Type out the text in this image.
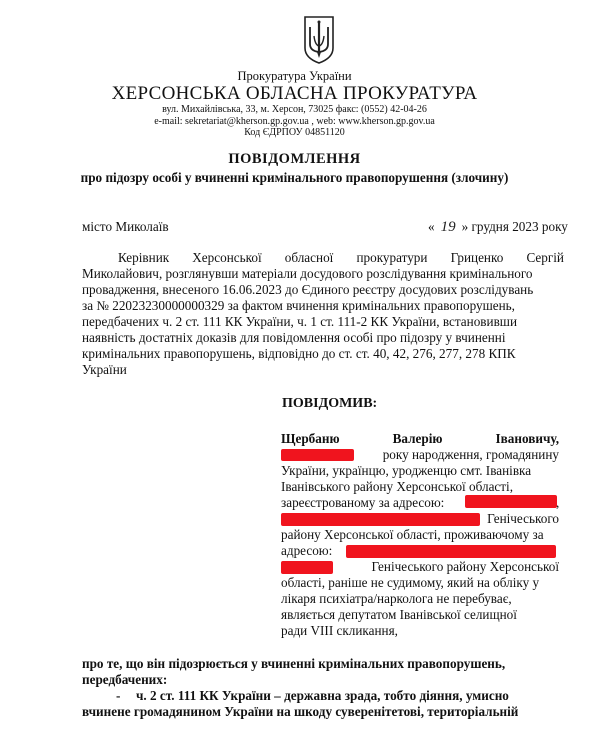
Прокуратура України
ХЕРСОНСЬКА ОБЛАСНА ПРОКУРАТУРА
вул. Михайлівська, 33, м. Херсон, 73025 факс: (0552) 42-04-26
e-mail: sekretariat@kherson.gp.gov.ua , web: www.kherson.gp.gov.ua
Код ЄДРПОУ 04851120
ПОВІДОМЛЕННЯ
про підозру особі у вчиненні кримінального правопорушення (злочину)
місто Миколаїв	« 19 » грудня 2023 року
Керівник Херсонської обласної прокуратури Гриценко Сергій
Миколайович, розглянувши матеріали досудового розслідування кримінального
провадження, внесеного 16.06.2023 до Єдиного реєстру досудових розслідувань
за № 22023230000000329 за фактом вчинення кримінальних правопорушень,
передбачених ч. 2 ст. 111 КК України, ч. 1 ст. 111-2 КК України, встановивши
наявність достатніх доказів для повідомлення особі про підозру у вчиненні
кримінальних правопорушень, відповідно до ст. ст. 40, 42, 276, 277, 278 КПК
України
ПОВІДОМИВ:
Щербаню	Валерію	Івановичу,
року народження, громадянину
України, українцю, уродженцю смт. Іванівка
Іванівського району Херсонської області,
зареєстрованому за адресою:	,
Генічеського
району Херсонської області, проживаючому за
адресою:
Генічеського району Херсонської
області, раніше не судимому, який на обліку у
лікаря психіатра/нарколога не перебуває,
являється депутатом Іванівської селищної
ради VIII скликання,
про те, що він підозрюється у вчиненні кримінальних правопорушень,
передбачених:
- ч. 2 ст. 111 КК України – державна зрада, тобто діяння, умисно
вчинене громадянином України на шкоду суверенітетові, територіальній
